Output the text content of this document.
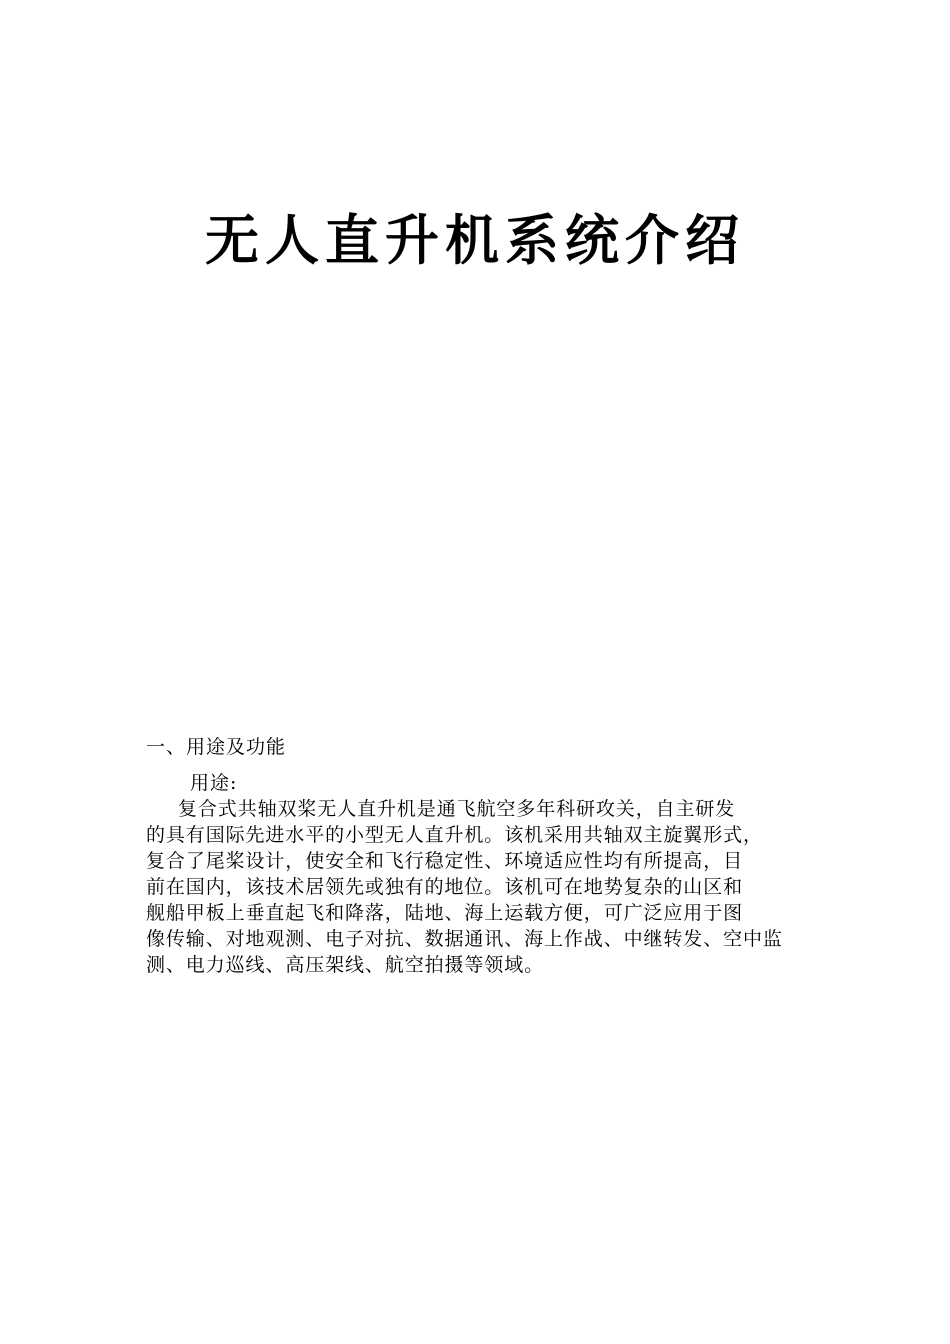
无人直升机系统介绍
一、用途及功能
用途:
复合式共轴双桨无人直升机是通飞航空多年科研攻关，自主研发
的具有国际先进水平的小型无人直升机。该机采用共轴双主旋翼形式，
复合了尾桨设计，使安全和飞行稳定性、环境适应性均有所提高，目
前在国内，该技术居领先或独有的地位。该机可在地势复杂的山区和
舰船甲板上垂直起飞和降落，陆地、海上运载方便，可广泛应用于图
像传输、对地观测、电子对抗、数据通讯、海上作战、中继转发、空中监
测、电力巡线、高压架线、航空拍摄等领域。
